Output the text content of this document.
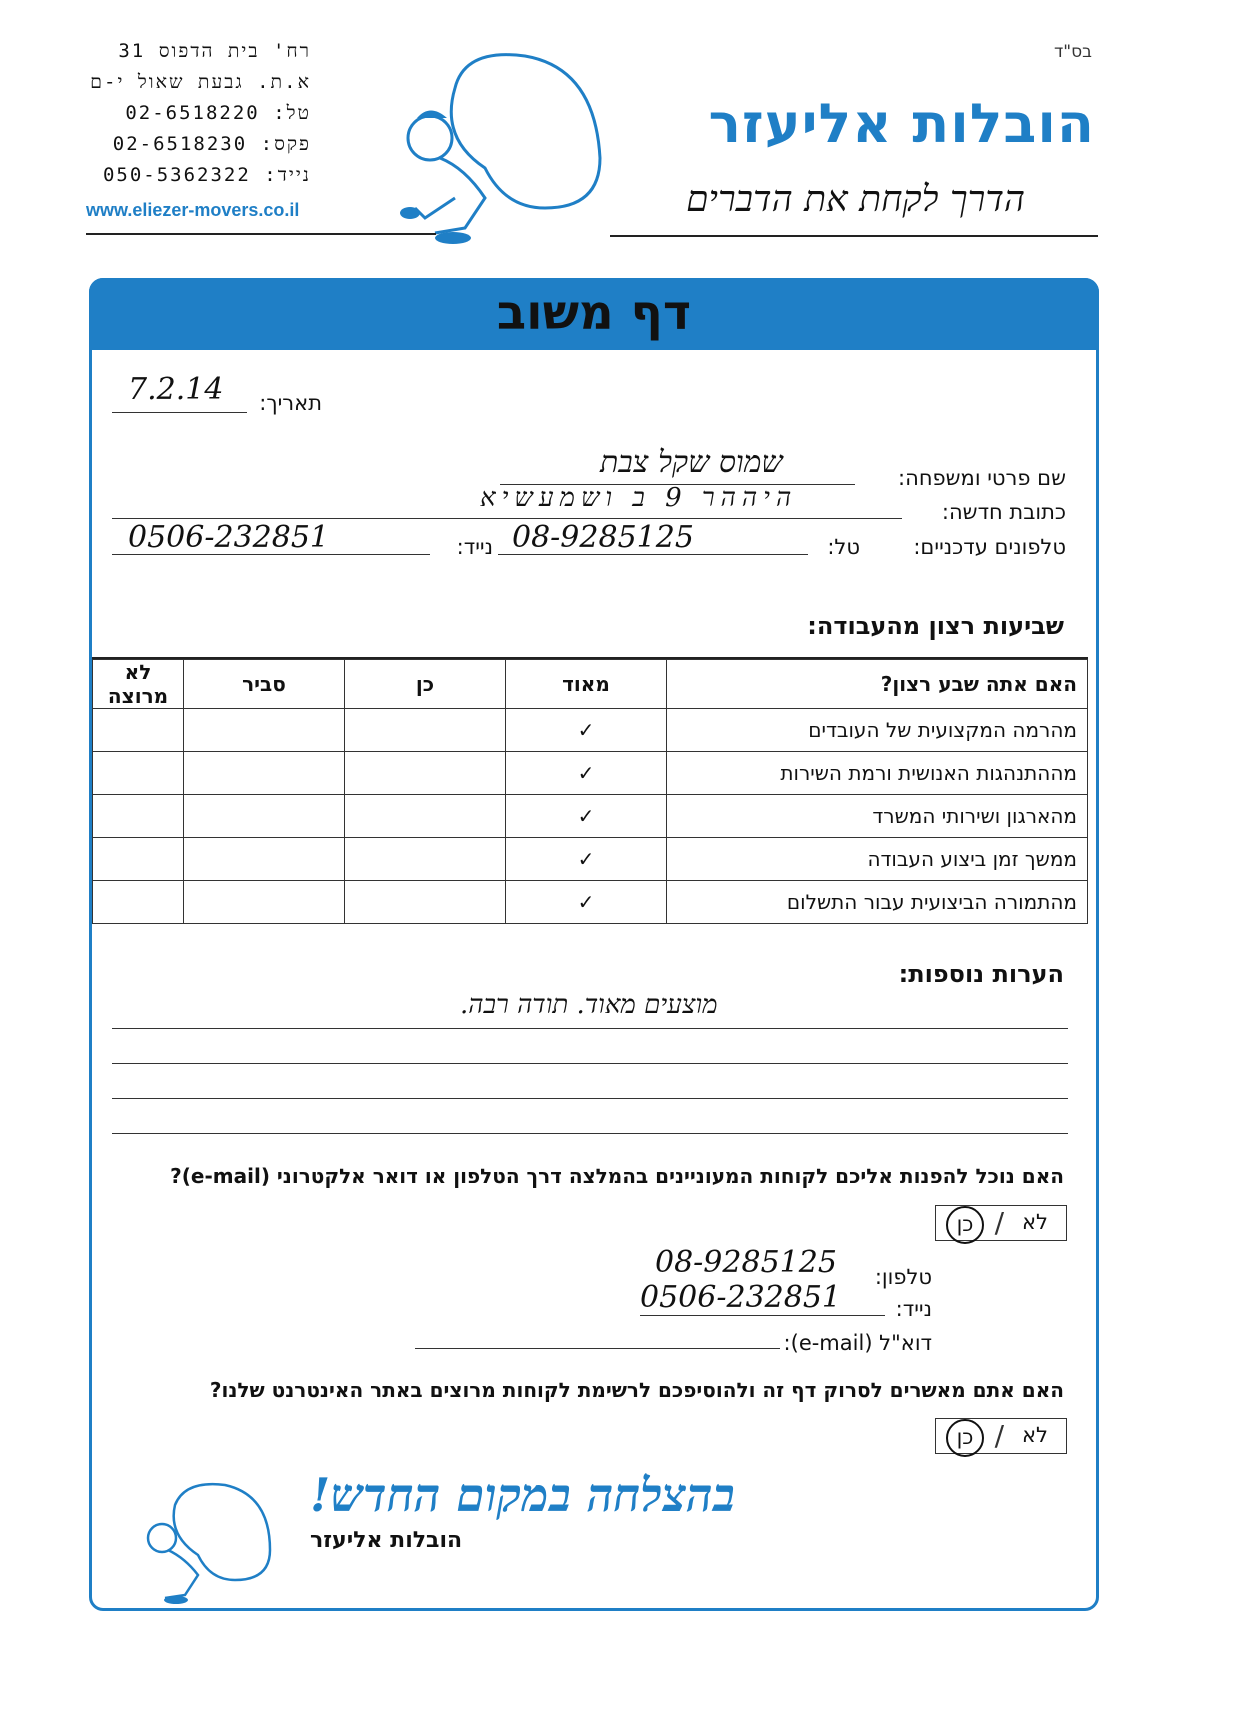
בס"ד
הובלות אליעזר
הדרך לקחת את הדברים
רח' בית הדפוס 31
א.ת. גבעת שאול י-ם
טל: 02-6518220
פקס: 02-6518230
נייד: 050-5362322
www.eliezer-movers.co.il
דף משוב
תאריך:
7.2.14
שם פרטי ומשפחה:
שמוס שקל צבת
כתובת חדשה:
היההר 9 ב ושמעשיא
טלפונים עדכניים:
טל:
08-9285125
נייד:
0506-232851
שביעות רצון מהעבודה:
האם אתה שבע רצון?	מאוד	כן	סביר	לא מרוצה
מהרמה המקצועית של העובדים	✓			
מההתנהגות האנושית ורמת השירות	✓			
מהארגון ושירותי המשרד	✓			
ממשך זמן ביצוע העבודה	✓			
מהתמורה הביצועית עבור התשלום	✓			
הערות נוספות:
מוצעים מאוד. תודה רבה.
האם נוכל להפנות אליכם לקוחות המעוניינים בהמלצה דרך הטלפון או דואר אלקטרוני (e-mail)?
לא
/
כן
טלפון:
08-9285125
נייד:
0506-232851
דוא"ל (e-mail):
האם אתם מאשרים לסרוק דף זה ולהוסיפכם לרשימת לקוחות מרוצים באתר האינטרנט שלנו?
לא
/
כן
בהצלחה במקום החדש!
הובלות אליעזר
